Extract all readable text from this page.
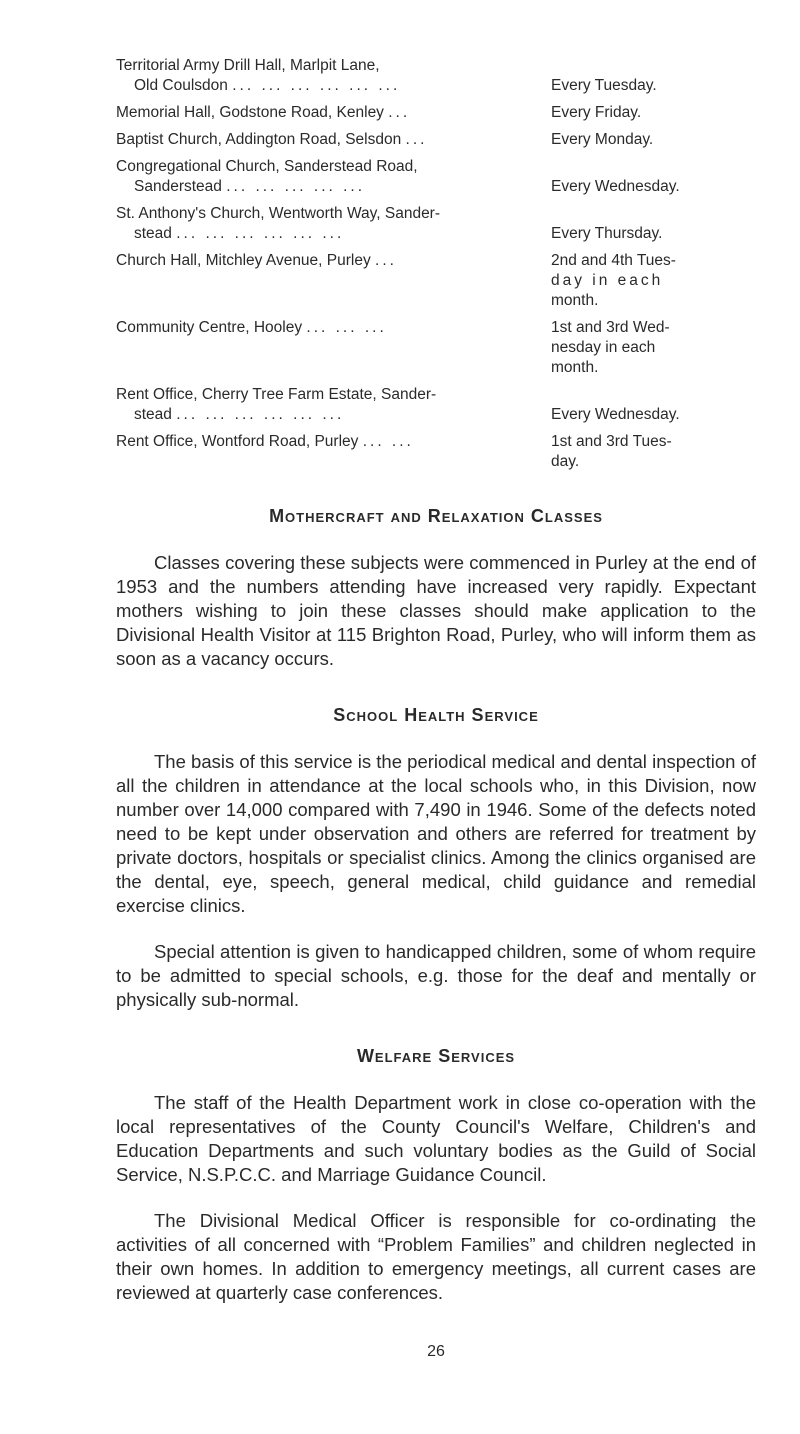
Territorial Army Drill Hall, Marlpit Lane,
Old Coulsdon ... ... ... ... ... ...	Every Tuesday.
Memorial Hall, Godstone Road, Kenley ...	Every Friday.
Baptist Church, Addington Road, Selsdon ...	Every Monday.
Congregational Church, Sanderstead Road,
Sanderstead ... ... ... ... ...	Every Wednesday.
St. Anthony's Church, Wentworth Way, Sander-
stead ... ... ... ... ... ...	Every Thursday.
Church Hall, Mitchley Avenue, Purley ...	2nd and 4th Tues-
day in each
month.
Community Centre, Hooley ... ... ...	1st and 3rd Wed-
nesday in each
month.
Rent Office, Cherry Tree Farm Estate, Sander-
stead ... ... ... ... ... ...	Every Wednesday.
Rent Office, Wontford Road, Purley ... ...	1st and 3rd Tues-
day.
Mothercraft and Relaxation Classes

Classes covering these subjects were commenced in Purley at the end of 1953 and the numbers attending have increased very rapidly. Expectant mothers wishing to join these classes should make application to the Divisional Health Visitor at 115 Brighton Road, Purley, who will inform them as soon as a vacancy occurs.

School Health Service

The basis of this service is the periodical medical and dental inspection of all the children in attendance at the local schools who, in this Division, now number over 14,000 compared with 7,490 in 1946. Some of the defects noted need to be kept under observation and others are referred for treatment by private doctors, hospitals or specialist clinics. Among the clinics organised are the dental, eye, speech, general medical, child guidance and remedial exercise clinics.

Special attention is given to handicapped children, some of whom require to be admitted to special schools, e.g. those for the deaf and mentally or physically sub-normal.

Welfare Services

The staff of the Health Department work in close co-operation with the local representatives of the County Council's Welfare, Children's and Education Departments and such voluntary bodies as the Guild of Social Service, N.S.P.C.C. and Marriage Guidance Council.

The Divisional Medical Officer is responsible for co-ordinating the activities of all concerned with “Problem Families” and children neglected in their own homes. In addition to emergency meetings, all current cases are reviewed at quarterly case conferences.

26
